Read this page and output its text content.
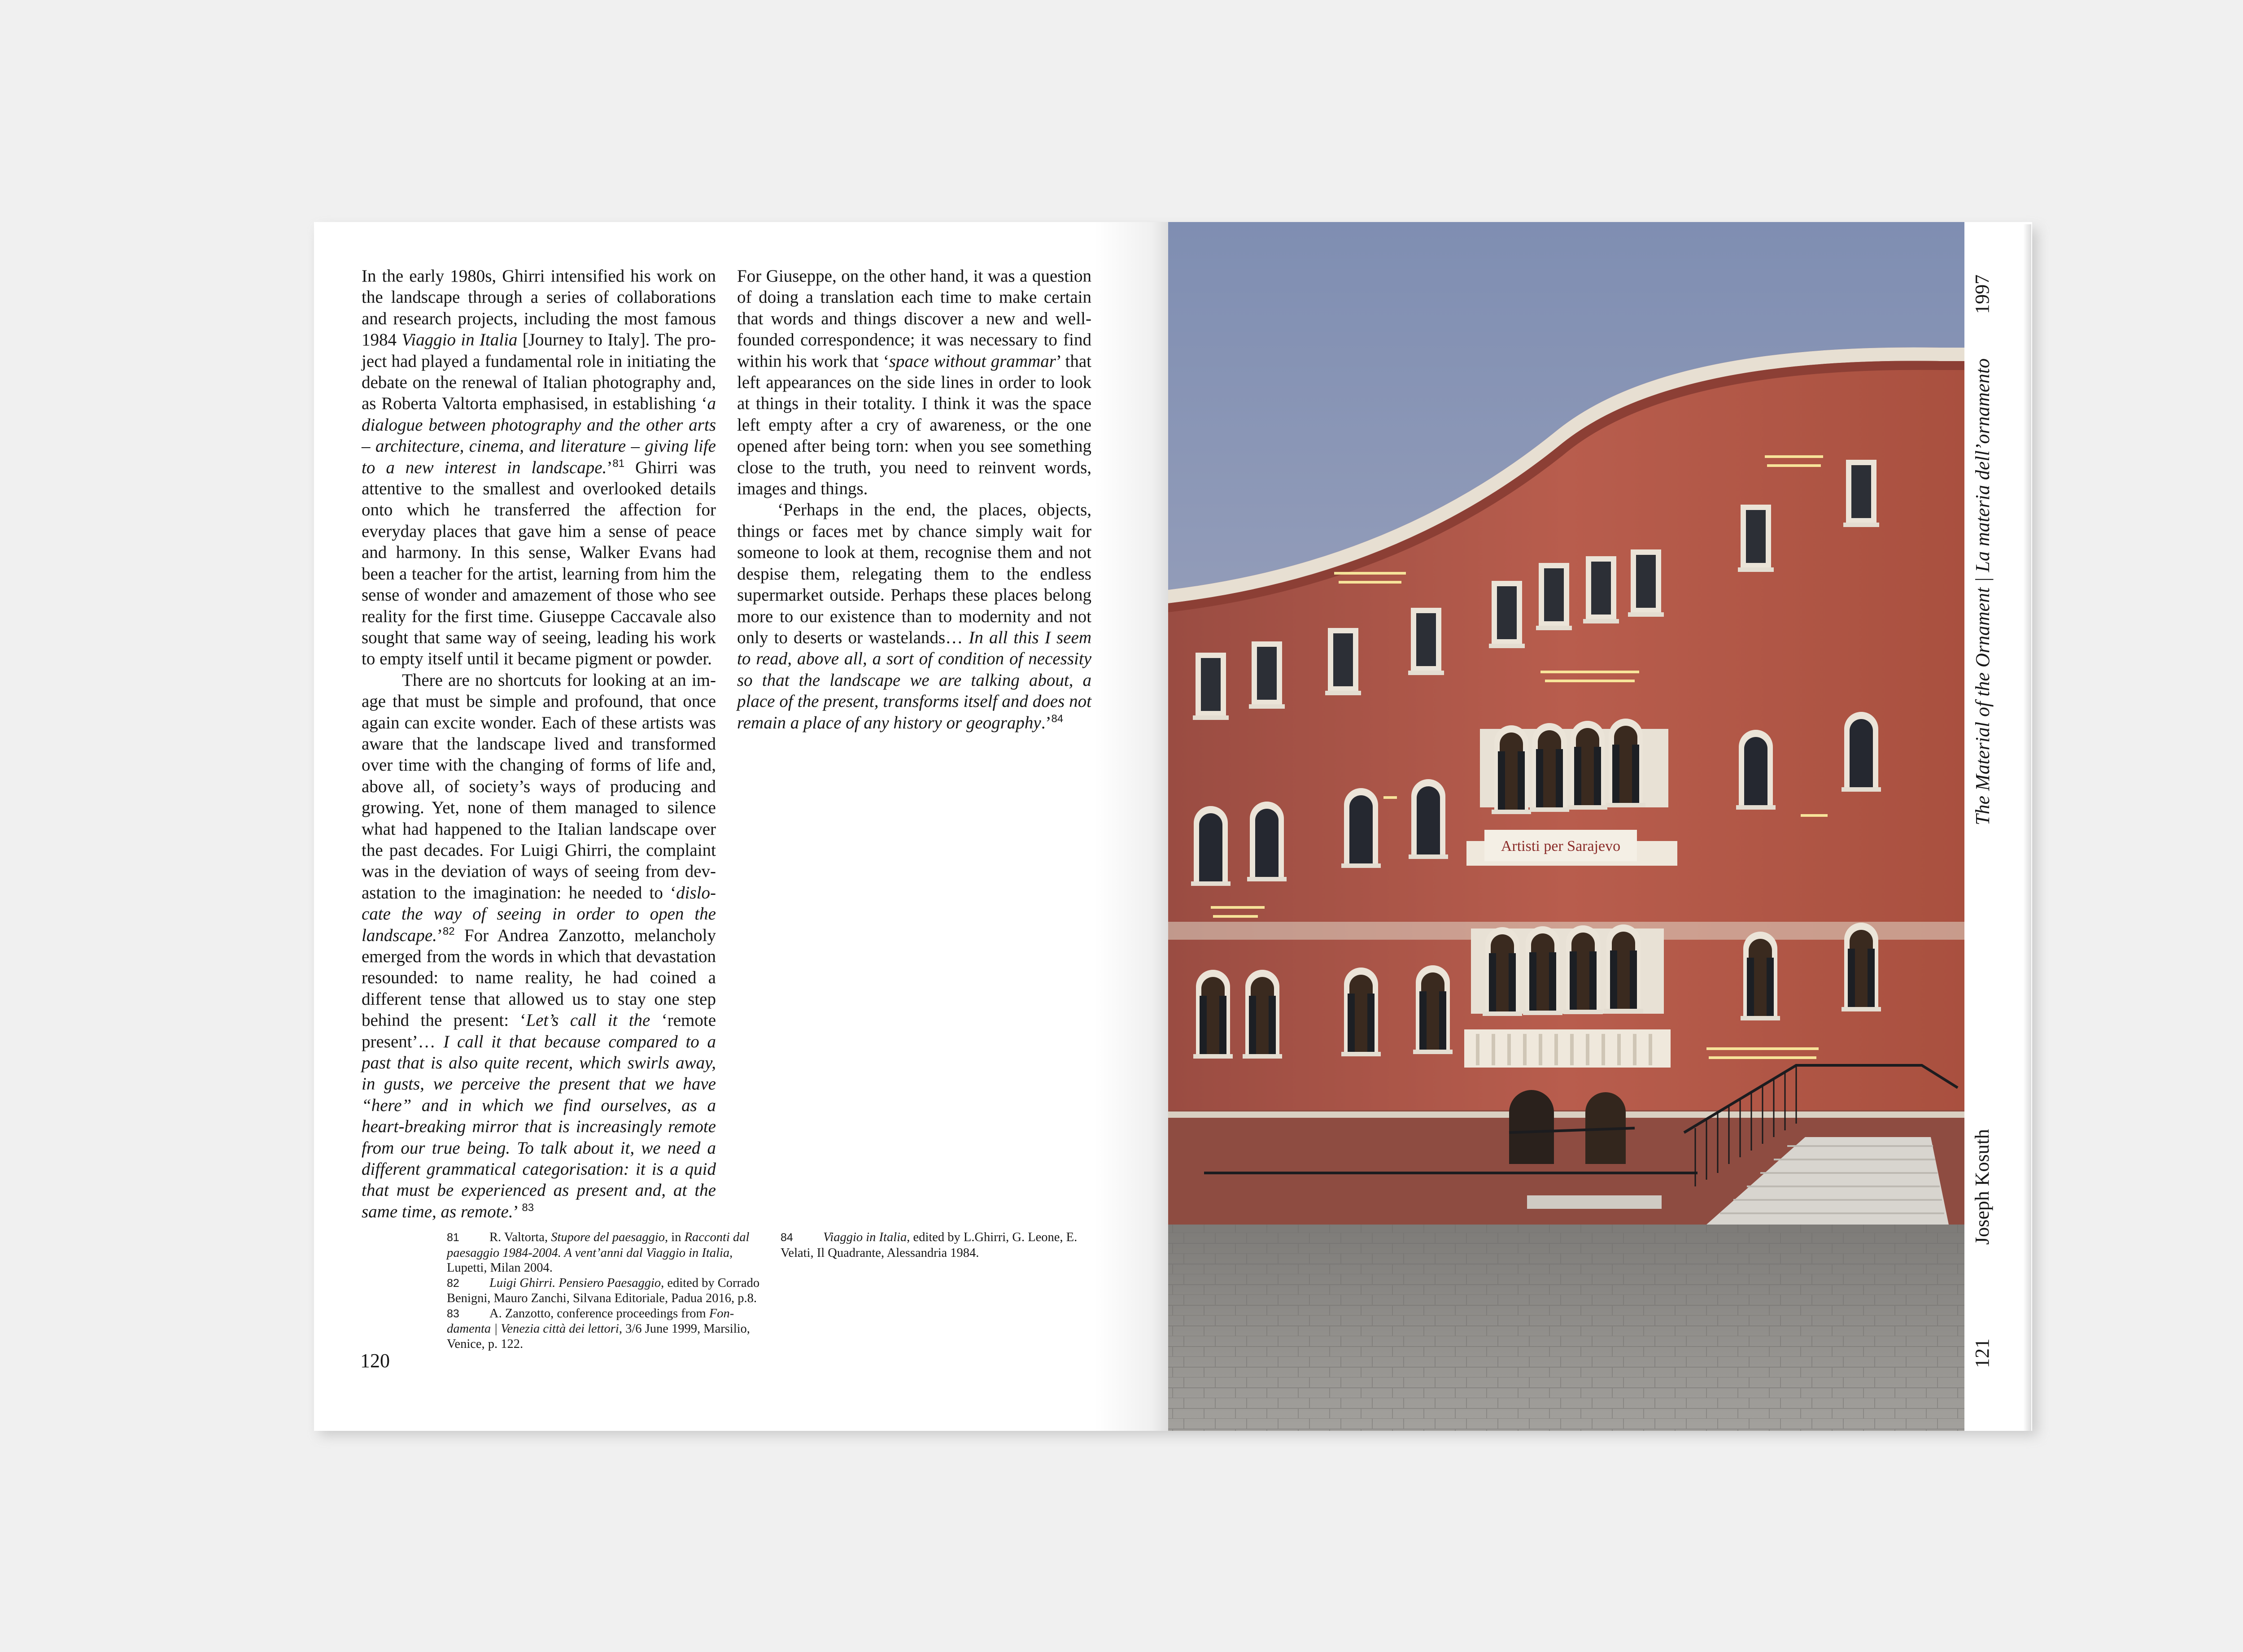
In the early 1980s, Ghirri intensified his work on the landscape through a series of collaborations and research projects, including the most famous 1984 Viaggio in Italia [Journey to Italy]. The project had played a fundamental role in initiating the debate on the renewal of Italian photography and, as Roberta Valtorta emphasised, in establishing ‘a dialogue between photography and the other arts – architecture, cinema, and literature – giving life to a new interest in landscape.’$^{81}$ Ghirri was attentive to the smallest and overlooked details onto which he transferred the affection for everyday places that gave him a sense of peace and harmony. In this sense, Walker Evans had been a teacher for the artist, learning from him the sense of wonder and amazement of those who see reality for the first time. Giuseppe Caccavale also sought that same way of seeing, leading his work to empty itself until it became pigment or powder.

There are no shortcuts for looking at an image that must be simple and profound, that once again can excite wonder. Each of these artists was aware that the landscape lived and transformed over time with the changing of forms of life and, above all, of society’s ways of producing and growing. Yet, none of them managed to silence what had happened to the Italian landscape over the past decades. For Luigi Ghirri, the complaint was in the deviation of ways of seeing from devastation to the imagination: he needed to ‘dislocate the way of seeing in order to open the landscape.’$^{82}$ For Andrea Zanzotto, melancholy emerged from the words in which that devastation resounded: to name reality, he had coined a different tense that allowed us to stay one step behind the present: ‘Let’s call it the ‘remote present’… I call it that because compared to a past that is also quite recent, which swirls away, in gusts, we perceive the present that we have “here” and in which we find ourselves, as a heart-breaking mirror that is increasingly remote from our true being. To talk about it, we need a different grammatical categorisation: it is a quid that must be experienced as present and, at the same time, as remote.’ $^{83}$

For Giuseppe, on the other hand, it was a question of doing a translation each time to make certain that words and things discover a new and well-founded correspondence; it was necessary to find within his work that ‘space without grammar’ that left appearances on the side lines in order to look at things in their totality. I think it was the space left empty after a cry of awareness, or the one opened after being torn: when you see something close to the truth, you need to reinvent words, images and things.

‘Perhaps in the end, the places, objects, things or faces met by chance simply wait for someone to look at them, recognise them and not despise them, relegating them to the endless supermarket outside. Perhaps these places belong more to our existence than to modernity and not only to deserts or wastelands… In all this I seem to read, above all, a sort of condition of necessity so that the landscape we are talking about, a place of the present, transforms itself and does not remain a place of any history or geography.’$^{84}$

81 R. Valtorta, Stupore del paesaggio, in Racconti dal paesaggio 1984-2004. A vent’anni dal Viaggio in Italia, Lupetti, Milan 2004.
82 Luigi Ghirri. Pensiero Paesaggio, edited by Corrado Benigni, Mauro Zanchi, Silvana Editoriale, Padua 2016, p.8.
83 A. Zanzotto, conference proceedings from Fondamenta | Venezia città dei lettori, 3/6 June 1999, Marsilio, Venice, p. 122.
84 Viaggio in Italia, edited by L.Ghirri, G. Leone, E. Velati, Il Quadrante, Alessandria 1984.
120
Artisti per Sarajevo
1997
The Material of the Ornament | La materia dell’ornamento
Joseph Kosuth
121
